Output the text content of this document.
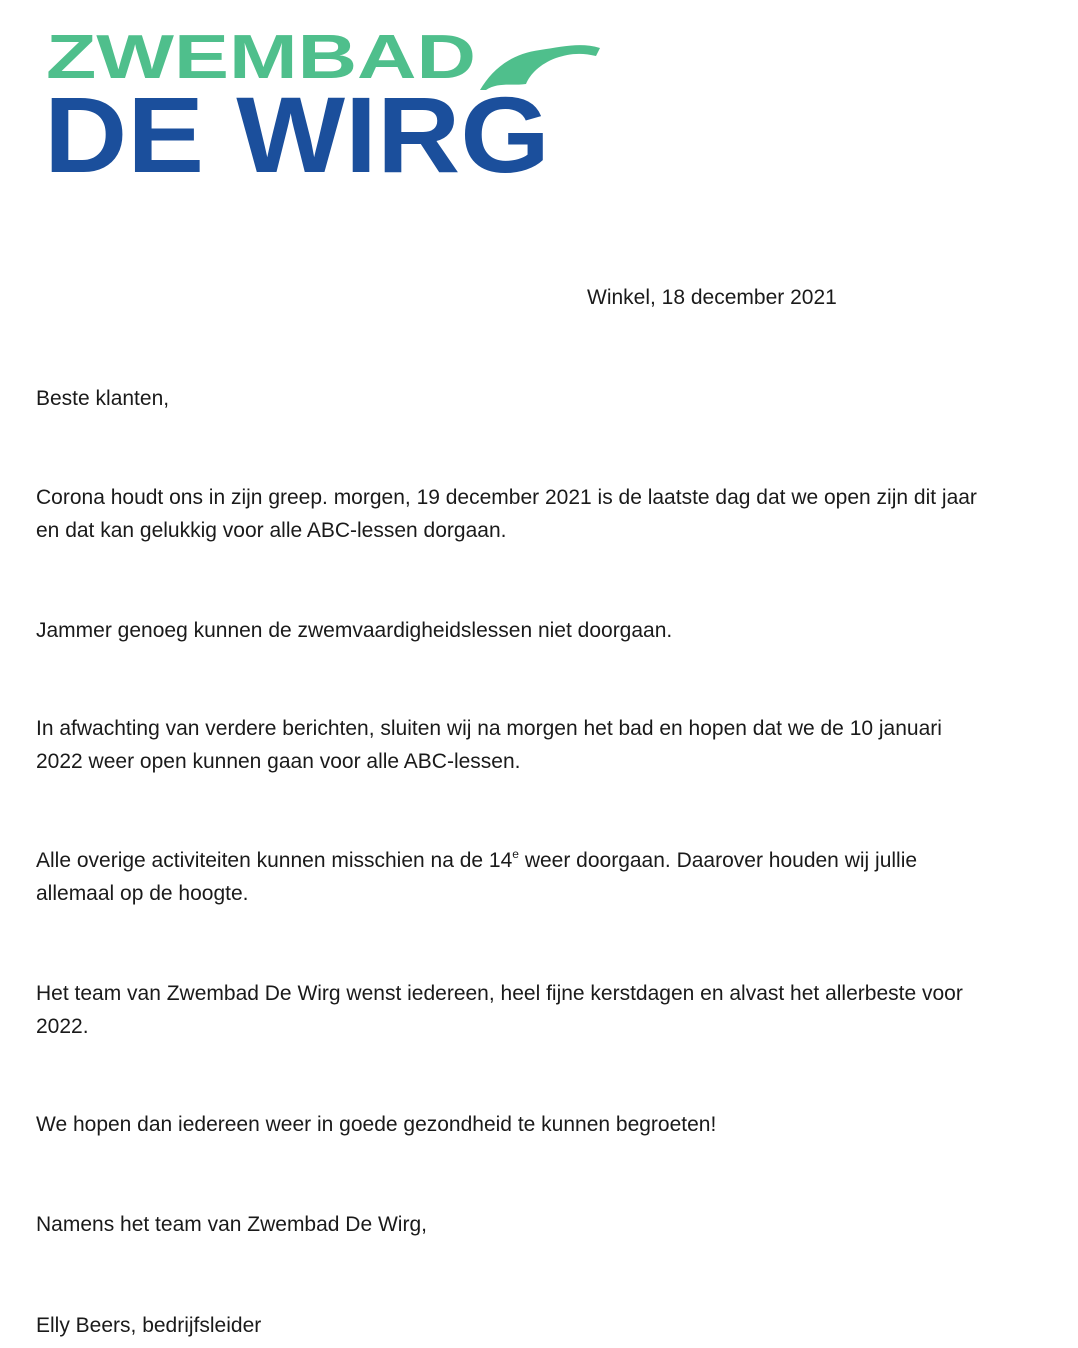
ZWEMBAD
DE WIRG
Winkel, 18 december 2021

Beste klanten,

Corona houdt ons in zijn greep. morgen, 19 december 2021 is de laatste dag dat we open zijn dit jaar
en dat kan gelukkig voor alle ABC-lessen dorgaan.

Jammer genoeg kunnen de zwemvaardigheidslessen niet doorgaan.

In afwachting van verdere berichten, sluiten wij na morgen het bad en hopen dat we de 10 januari
2022 weer open kunnen gaan voor alle ABC-lessen.

Alle overige activiteiten kunnen misschien na de 14e weer doorgaan. Daarover houden wij jullie
allemaal op de hoogte.

Het team van Zwembad De Wirg wenst iedereen, heel fijne kerstdagen en alvast het allerbeste voor
2022.

We hopen dan iedereen weer in goede gezondheid te kunnen begroeten!

Namens het team van Zwembad De Wirg,

Elly Beers, bedrijfsleider
